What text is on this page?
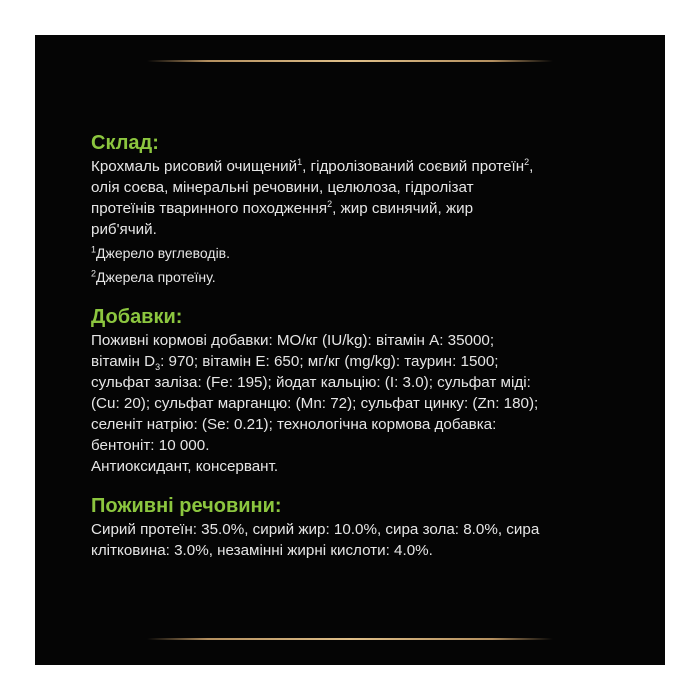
Склад:
Крохмаль рисовий очищений$^1$, гідролізований соєвий протеїн$^2$,
олія соєва, мінеральні речовини, целюлоза, гідролізат
протеїнів тваринного походження$^2$, жир свинячий, жир
риб'ячий.
$^1$Джерело вуглеводів.
$^2$Джерела протеїну.
Добавки:
Поживні кормові добавки: МО/кг (IU/kg): вітамін А: 35000;
вітамін $D_3$: 970; вітамін Е: 650; мг/кг (mg/kg): таурин: 1500;
сульфат заліза: (Fe: 195); йодат кальцію: (I: 3.0); сульфат міді:
(Cu: 20); сульфат марганцю: (Mn: 72); сульфат цинку: (Zn: 180);
селеніт натрію: (Se: 0.21); технологічна кормова добавка:
бентоніт: 10 000.
Антиоксидант, консервант.
Поживні речовини:
Сирий протеїн: 35.0%, сирий жир: 10.0%, сира зола: 8.0%, сира
клітковина: 3.0%, незамінні жирні кислоти: 4.0%.
